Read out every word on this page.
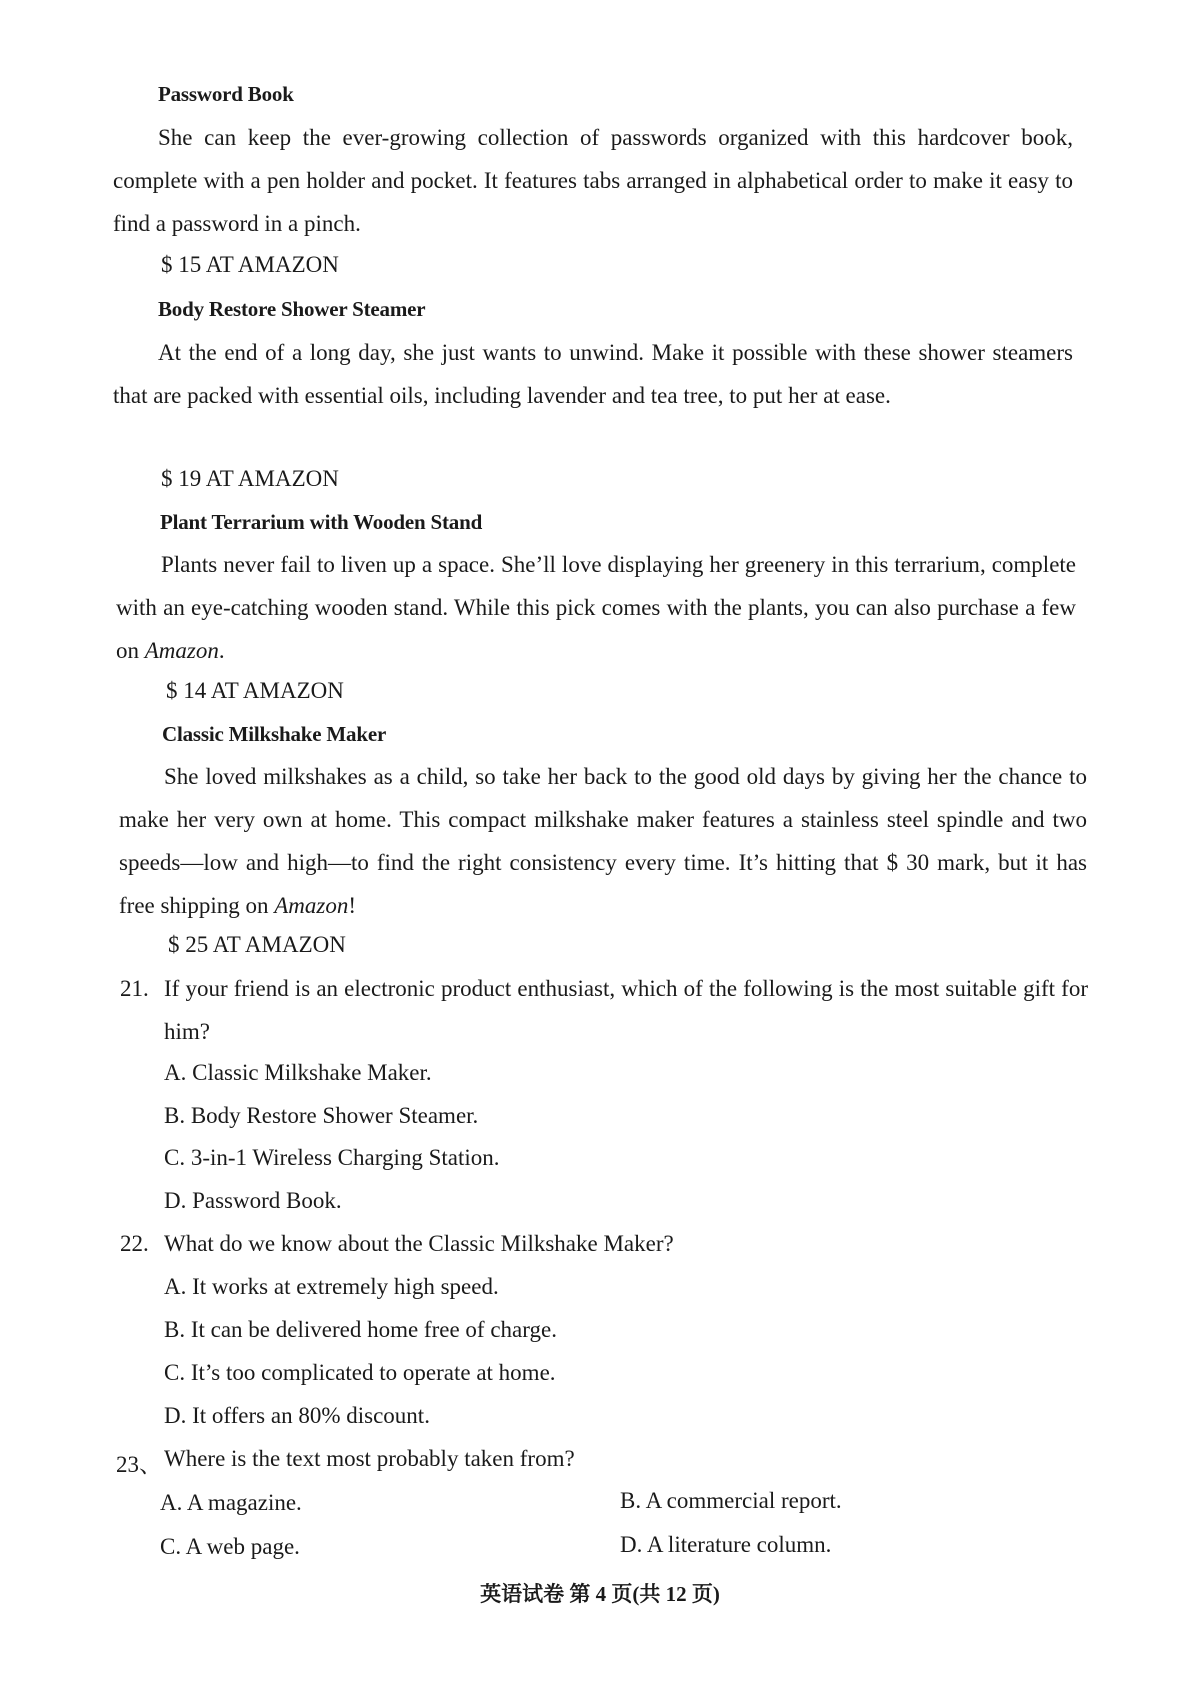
Password Book
She can keep the ever-growing collection of passwords organized with this hardcover book, complete with a pen holder and pocket. It features tabs arranged in alphabetical order to make it easy to find a password in a pinch.
$ 15 AT AMAZON
Body Restore Shower Steamer
At the end of a long day, she just wants to unwind. Make it possible with these shower steamers that are packed with essential oils, including lavender and tea tree, to put her at ease.
$ 19 AT AMAZON
Plant Terrarium with Wooden Stand
Plants never fail to liven up a space. She’ll love displaying her greenery in this terrarium, complete with an eye-catching wooden stand. While this pick comes with the plants, you can also purchase a few on Amazon.
$ 14 AT AMAZON
Classic Milkshake Maker
She loved milkshakes as a child, so take her back to the good old days by giving her the chance to make her very own at home. This compact milkshake maker features a stainless steel spindle and two speeds—low and high—to find the right consistency every time. It’s hitting that $ 30 mark, but it has free shipping on Amazon!
$ 25 AT AMAZON
21. If your friend is an electronic product enthusiast, which of the following is the most suitable gift for him?
A. Classic Milkshake Maker.
B. Body Restore Shower Steamer.
C. 3-in-1 Wireless Charging Station.
D. Password Book.
22. What do we know about the Classic Milkshake Maker?
A. It works at extremely high speed.
B. It can be delivered home free of charge.
C. It’s too complicated to operate at home.
D. It offers an 80% discount.
23、 Where is the text most probably taken from?
A. A magazine.	B. A commercial report.
C. A web page.	D. A literature column.
英语试卷 第 4 页(共 12 页)
